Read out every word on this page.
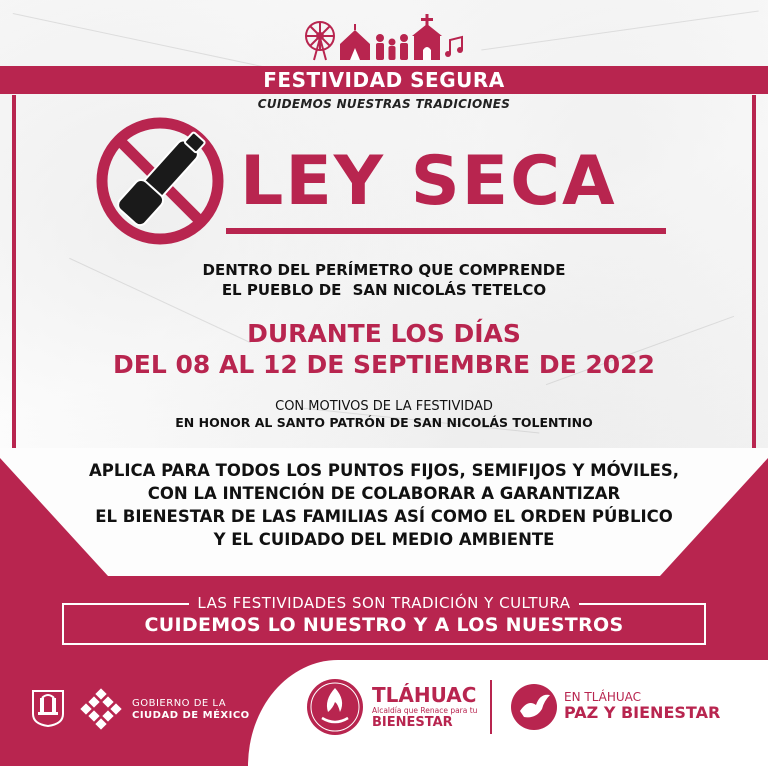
FESTIVIDAD SEGURA
CUIDEMOS NUESTRAS TRADICIONES
LEY SECA
DENTRO DEL PERÍMETRO QUE COMPRENDE
EL PUEBLO DE SAN NICOLÁS TETELCO
DURANTE LOS DÍAS
DEL 08 AL 12 DE SEPTIEMBRE DE 2022
CON MOTIVOS DE LA FESTIVIDAD
EN HONOR AL SANTO PATRÓN DE SAN NICOLÁS TOLENTINO
APLICA PARA TODOS LOS PUNTOS FIJOS, SEMIFIJOS Y MÓVILES,
CON LA INTENCIÓN DE COLABORAR A GARANTIZAR
EL BIENESTAR DE LAS FAMILIAS ASÍ COMO EL ORDEN PÚBLICO
Y EL CUIDADO DEL MEDIO AMBIENTE
LAS FESTIVIDADES SON TRADICIÓN Y CULTURA
CUIDEMOS LO NUESTRO Y A LOS NUESTROS
GOBIERNO DE LA
CIUDAD DE MÉXICO
TLÁHUAC
Alcaldía que Renace para tu
BIENESTAR
EN TLÁHUAC
PAZ Y BIENESTAR
